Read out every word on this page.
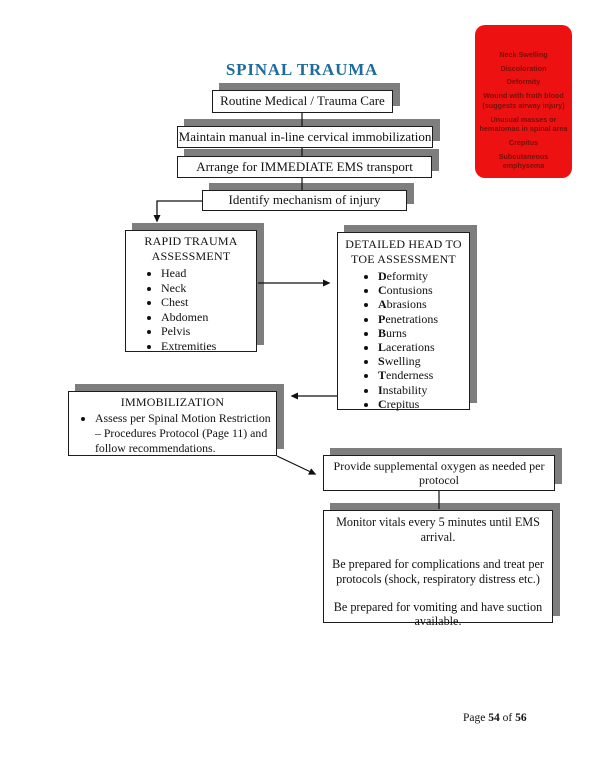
SPINAL TRAUMA
Neck Swelling
Discoloration
Deformity
Wound with froth blood (suggests airway injury)
Unusual masses or hematomas in spinal area
Crepitus
Subcutaneous emphysema
Routine Medical / Trauma Care
Maintain manual in-line cervical immobilization
Arrange for IMMEDIATE EMS transport
Identify mechanism of injury
RAPID TRAUMA
ASSESSMENT
• Head
• Neck
• Chest
• Abdomen
• Pelvis
• Extremities
DETAILED HEAD TO
TOE ASSESSMENT
• Deformity
• Contusions
• Abrasions
• Penetrations
• Burns
• Lacerations
• Swelling
• Tenderness
• Instability
• Crepitus
IMMOBILIZATION
• Assess per Spinal Motion Restriction – Procedures Protocol (Page 11) and follow recommendations.
Provide supplemental oxygen as needed per protocol

Monitor vitals every 5 minutes until EMS arrival.

Be prepared for complications and treat per protocols (shock, respiratory distress etc.)

Be prepared for vomiting and have suction available.

Page 54 of 56
